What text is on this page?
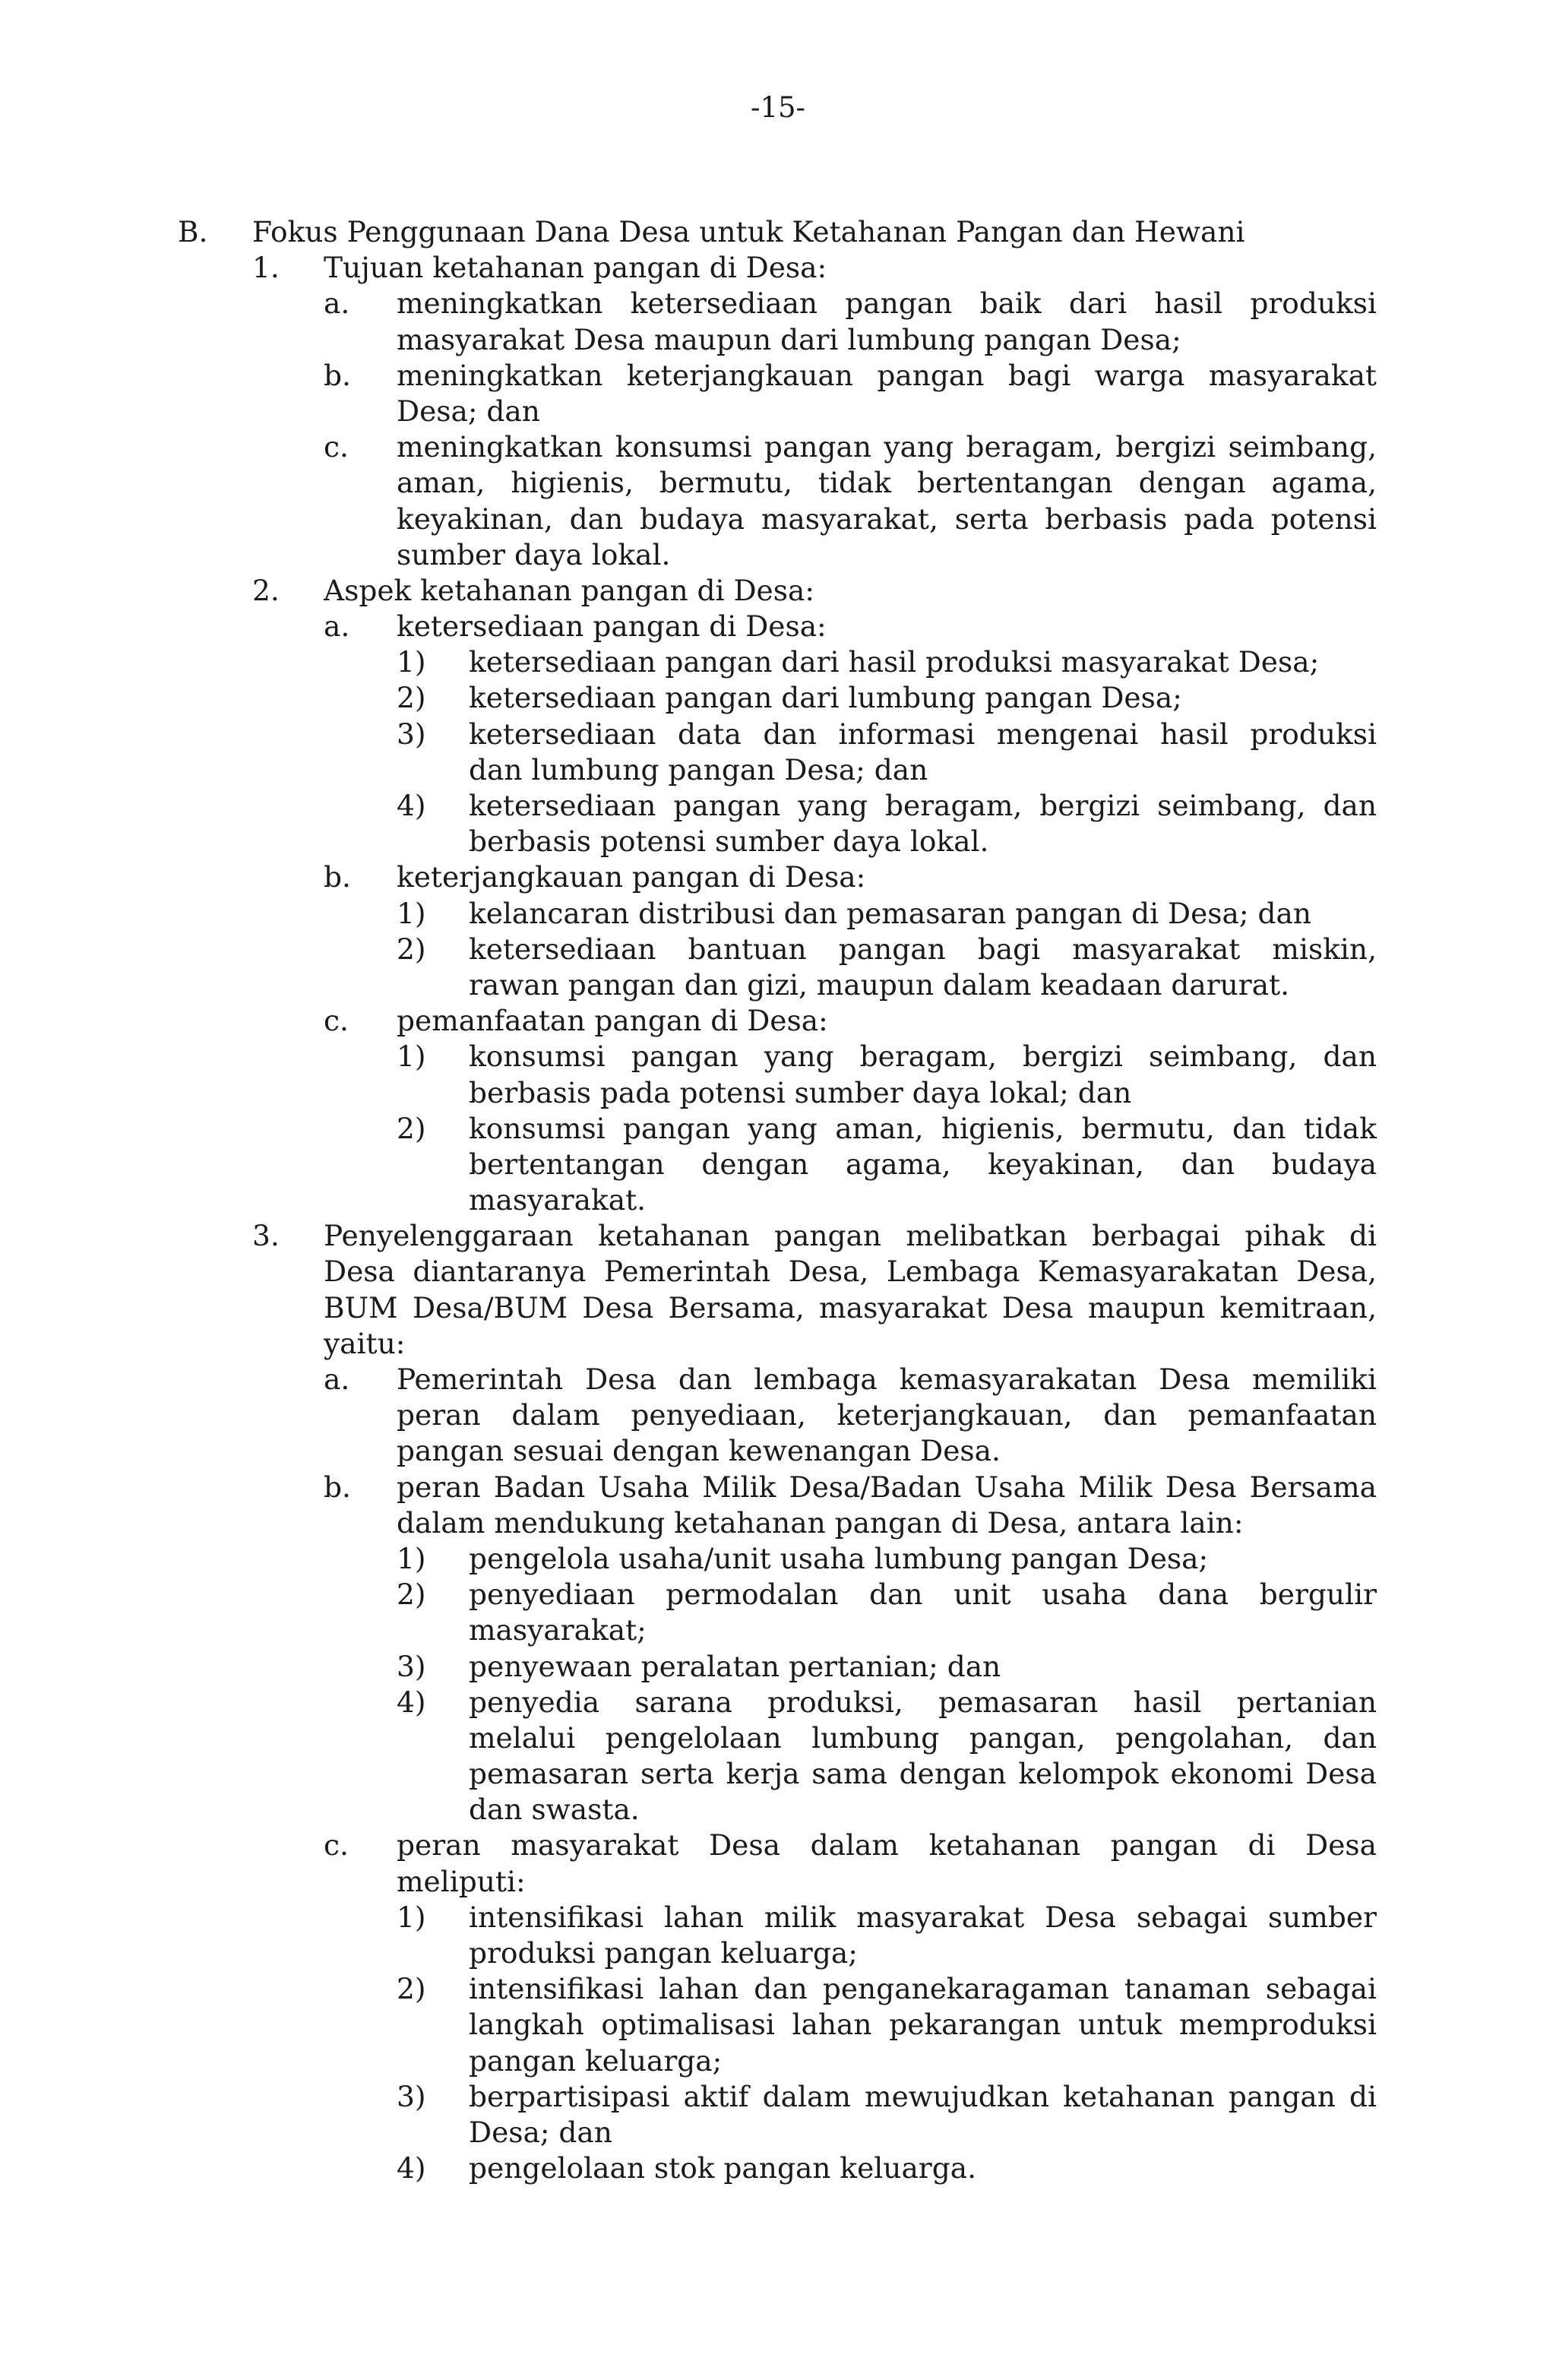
-15-
B. Fokus Penggunaan Dana Desa untuk Ketahanan Pangan dan Hewani
1. Tujuan ketahanan pangan di Desa:
a. meningkatkan ketersediaan pangan baik dari hasil produksi
masyarakat Desa maupun dari lumbung pangan Desa;
b. meningkatkan keterjangkauan pangan bagi warga masyarakat
Desa; dan
c. meningkatkan konsumsi pangan yang beragam, bergizi seimbang,
aman, higienis, bermutu, tidak bertentangan dengan agama,
keyakinan, dan budaya masyarakat, serta berbasis pada potensi
sumber daya lokal.
2. Aspek ketahanan pangan di Desa:
a. ketersediaan pangan di Desa:
1) ketersediaan pangan dari hasil produksi masyarakat Desa;
2) ketersediaan pangan dari lumbung pangan Desa;
3) ketersediaan data dan informasi mengenai hasil produksi
dan lumbung pangan Desa; dan
4) ketersediaan pangan yang beragam, bergizi seimbang, dan
berbasis potensi sumber daya lokal.
b. keterjangkauan pangan di Desa:
1) kelancaran distribusi dan pemasaran pangan di Desa; dan
2) ketersediaan bantuan pangan bagi masyarakat miskin,
rawan pangan dan gizi, maupun dalam keadaan darurat.
c. pemanfaatan pangan di Desa:
1) konsumsi pangan yang beragam, bergizi seimbang, dan
berbasis pada potensi sumber daya lokal; dan
2) konsumsi pangan yang aman, higienis, bermutu, dan tidak
bertentangan dengan agama, keyakinan, dan budaya
masyarakat.
3. Penyelenggaraan ketahanan pangan melibatkan berbagai pihak di
Desa diantaranya Pemerintah Desa, Lembaga Kemasyarakatan Desa,
BUM Desa/BUM Desa Bersama, masyarakat Desa maupun kemitraan,
yaitu:
a. Pemerintah Desa dan lembaga kemasyarakatan Desa memiliki
peran dalam penyediaan, keterjangkauan, dan pemanfaatan
pangan sesuai dengan kewenangan Desa.
b. peran Badan Usaha Milik Desa/Badan Usaha Milik Desa Bersama
dalam mendukung ketahanan pangan di Desa, antara lain:
1) pengelola usaha/unit usaha lumbung pangan Desa;
2) penyediaan permodalan dan unit usaha dana bergulir
masyarakat;
3) penyewaan peralatan pertanian; dan
4) penyedia sarana produksi, pemasaran hasil pertanian
melalui pengelolaan lumbung pangan, pengolahan, dan
pemasaran serta kerja sama dengan kelompok ekonomi Desa
dan swasta.
c. peran masyarakat Desa dalam ketahanan pangan di Desa
meliputi:
1) intensifikasi lahan milik masyarakat Desa sebagai sumber
produksi pangan keluarga;
2) intensifikasi lahan dan penganekaragaman tanaman sebagai
langkah optimalisasi lahan pekarangan untuk memproduksi
pangan keluarga;
3) berpartisipasi aktif dalam mewujudkan ketahanan pangan di
Desa; dan
4) pengelolaan stok pangan keluarga.
